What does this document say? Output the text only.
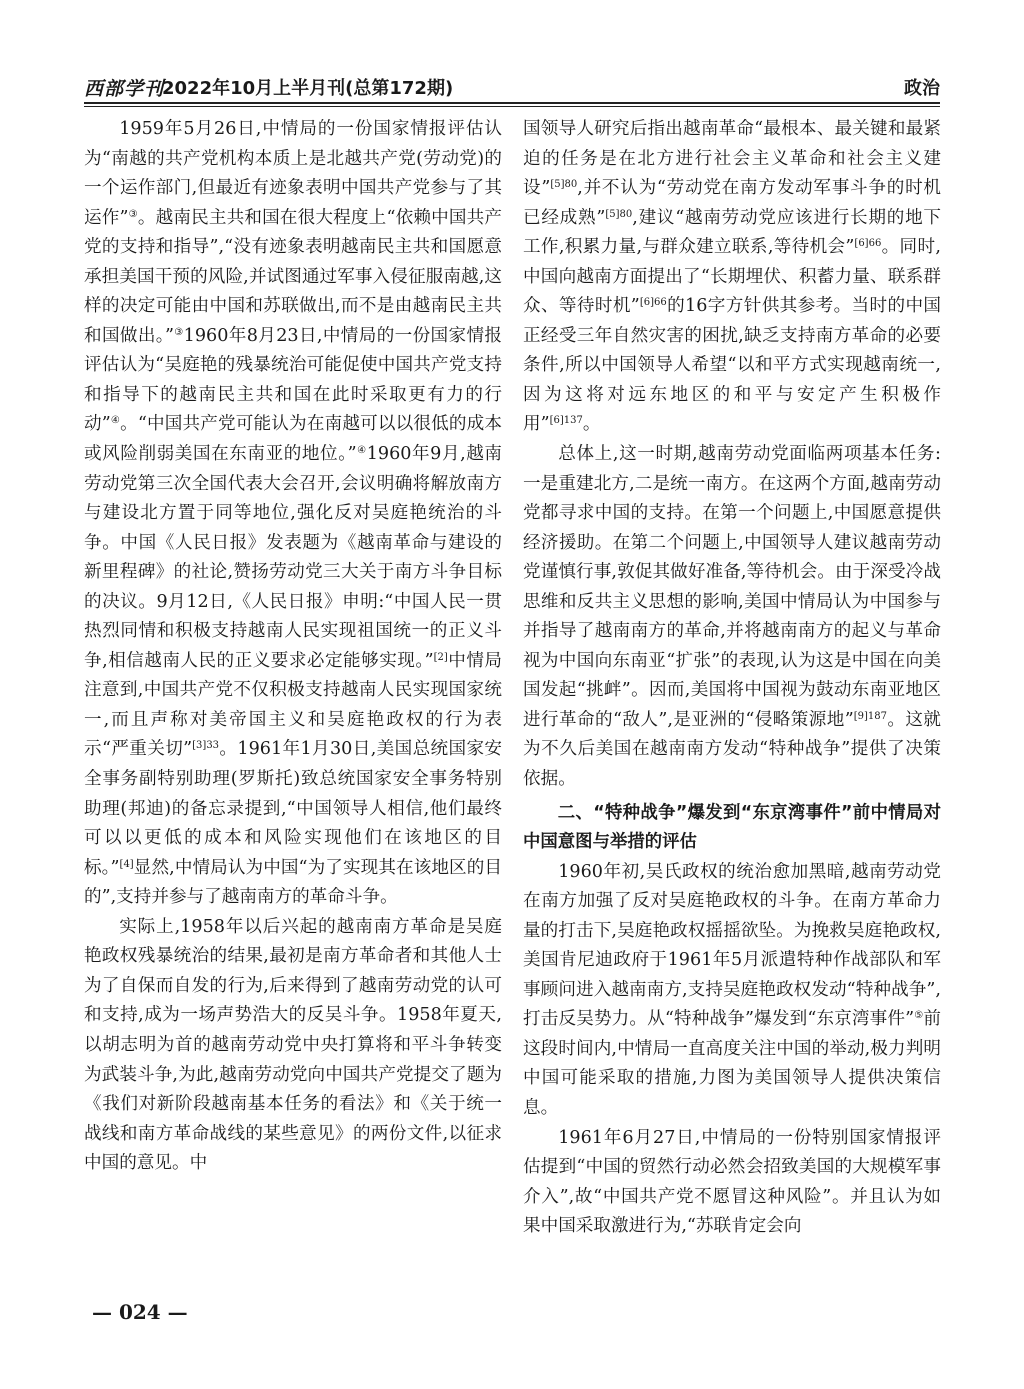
西部学刊
2022年10月上半月刊(总第172期)	政治

1959年5月26日,中情局的一份国家情报评估认为“南越的共产党机构本质上是北越共产党(劳动党)的一个运作部门,但最近有迹象表明中国共产党参与了其运作”③。越南民主共和国在很大程度上“依赖中国共产党的支持和指导”,“没有迹象表明越南民主共和国愿意承担美国干预的风险,并试图通过军事入侵征服南越,这样的决定可能由中国和苏联做出,而不是由越南民主共和国做出。”③1960年8月23日,中情局的一份国家情报评估认为“吴庭艳的残暴统治可能促使中国共产党支持和指导下的越南民主共和国在此时采取更有力的行动”④。“中国共产党可能认为在南越可以以很低的成本或风险削弱美国在东南亚的地位。”④1960年9月,越南劳动党第三次全国代表大会召开,会议明确将解放南方与建设北方置于同等地位,强化反对吴庭艳统治的斗争。中国《人民日报》发表题为《越南革命与建设的新里程碑》的社论,赞扬劳动党三大关于南方斗争目标的决议。9月12日,《人民日报》申明:“中国人民一贯热烈同情和积极支持越南人民实现祖国统一的正义斗争,相信越南人民的正义要求必定能够实现。”[2]中情局注意到,中国共产党不仅积极支持越南人民实现国家统一,而且声称对美帝国主义和吴庭艳政权的行为表示“严重关切”$^{[3]33}$。1961年1月30日,美国总统国家安全事务副特别助理(罗斯托)致总统国家安全事务特别助理(邦迪)的备忘录提到,“中国领导人相信,他们最终可以以更低的成本和风险实现他们在该地区的目标。”[4]显然,中情局认为中国“为了实现其在该地区的目的”,支持并参与了越南南方的革命斗争。

实际上,1958年以后兴起的越南南方革命是吴庭艳政权残暴统治的结果,最初是南方革命者和其他人士为了自保而自发的行为,后来得到了越南劳动党的认可和支持,成为一场声势浩大的反吴斗争。1958年夏天,以胡志明为首的越南劳动党中央打算将和平斗争转变为武装斗争,为此,越南劳动党向中国共产党提交了题为《我们对新阶段越南基本任务的看法》和《关于统一战线和南方革命战线的某些意见》的两份文件,以征求中国的意见。中

国领导人研究后指出越南革命“最根本、最关键和最紧迫的任务是在北方进行社会主义革命和社会主义建设”$^{[5]80}$,并不认为“劳动党在南方发动军事斗争的时机已经成熟”$^{[5]80}$,建议“越南劳动党应该进行长期的地下工作,积累力量,与群众建立联系,等待机会”$^{[6]66}$。同时,中国向越南方面提出了“长期埋伏、积蓄力量、联系群众、等待时机”$^{[6]66}$的16字方针供其参考。当时的中国正经受三年自然灾害的困扰,缺乏支持南方革命的必要条件,所以中国领导人希望“以和平方式实现越南统一,因为这将对远东地区的和平与安定产生积极作用”$^{[6]137}$。

总体上,这一时期,越南劳动党面临两项基本任务:一是重建北方,二是统一南方。在这两个方面,越南劳动党都寻求中国的支持。在第一个问题上,中国愿意提供经济援助。在第二个问题上,中国领导人建议越南劳动党谨慎行事,敦促其做好准备,等待机会。由于深受冷战思维和反共主义思想的影响,美国中情局认为中国参与并指导了越南南方的革命,并将越南南方的起义与革命视为中国向东南亚“扩张”的表现,认为这是中国在向美国发起“挑衅”。因而,美国将中国视为鼓动东南亚地区进行革命的“敌人”,是亚洲的“侵略策源地”$^{[9]187}$。这就为不久后美国在越南南方发动“特种战争”提供了决策依据。

二、“特种战争”爆发到“东京湾事件”前中情局对中国意图与举措的评估

1960年初,吴氏政权的统治愈加黑暗,越南劳动党在南方加强了反对吴庭艳政权的斗争。在南方革命力量的打击下,吴庭艳政权摇摇欲坠。为挽救吴庭艳政权,美国肯尼迪政府于1961年5月派遣特种作战部队和军事顾问进入越南南方,支持吴庭艳政权发动“特种战争”,打击反吴势力。从“特种战争”爆发到“东京湾事件”⑤前这段时间内,中情局一直高度关注中国的举动,极力判明中国可能采取的措施,力图为美国领导人提供决策信息。

1961年6月27日,中情局的一份特别国家情报评估提到“中国的贸然行动必然会招致美国的大规模军事介入”,故“中国共产党不愿冒这种风险”。并且认为如果中国采取激进行为,“苏联肯定会向

— 024 —
